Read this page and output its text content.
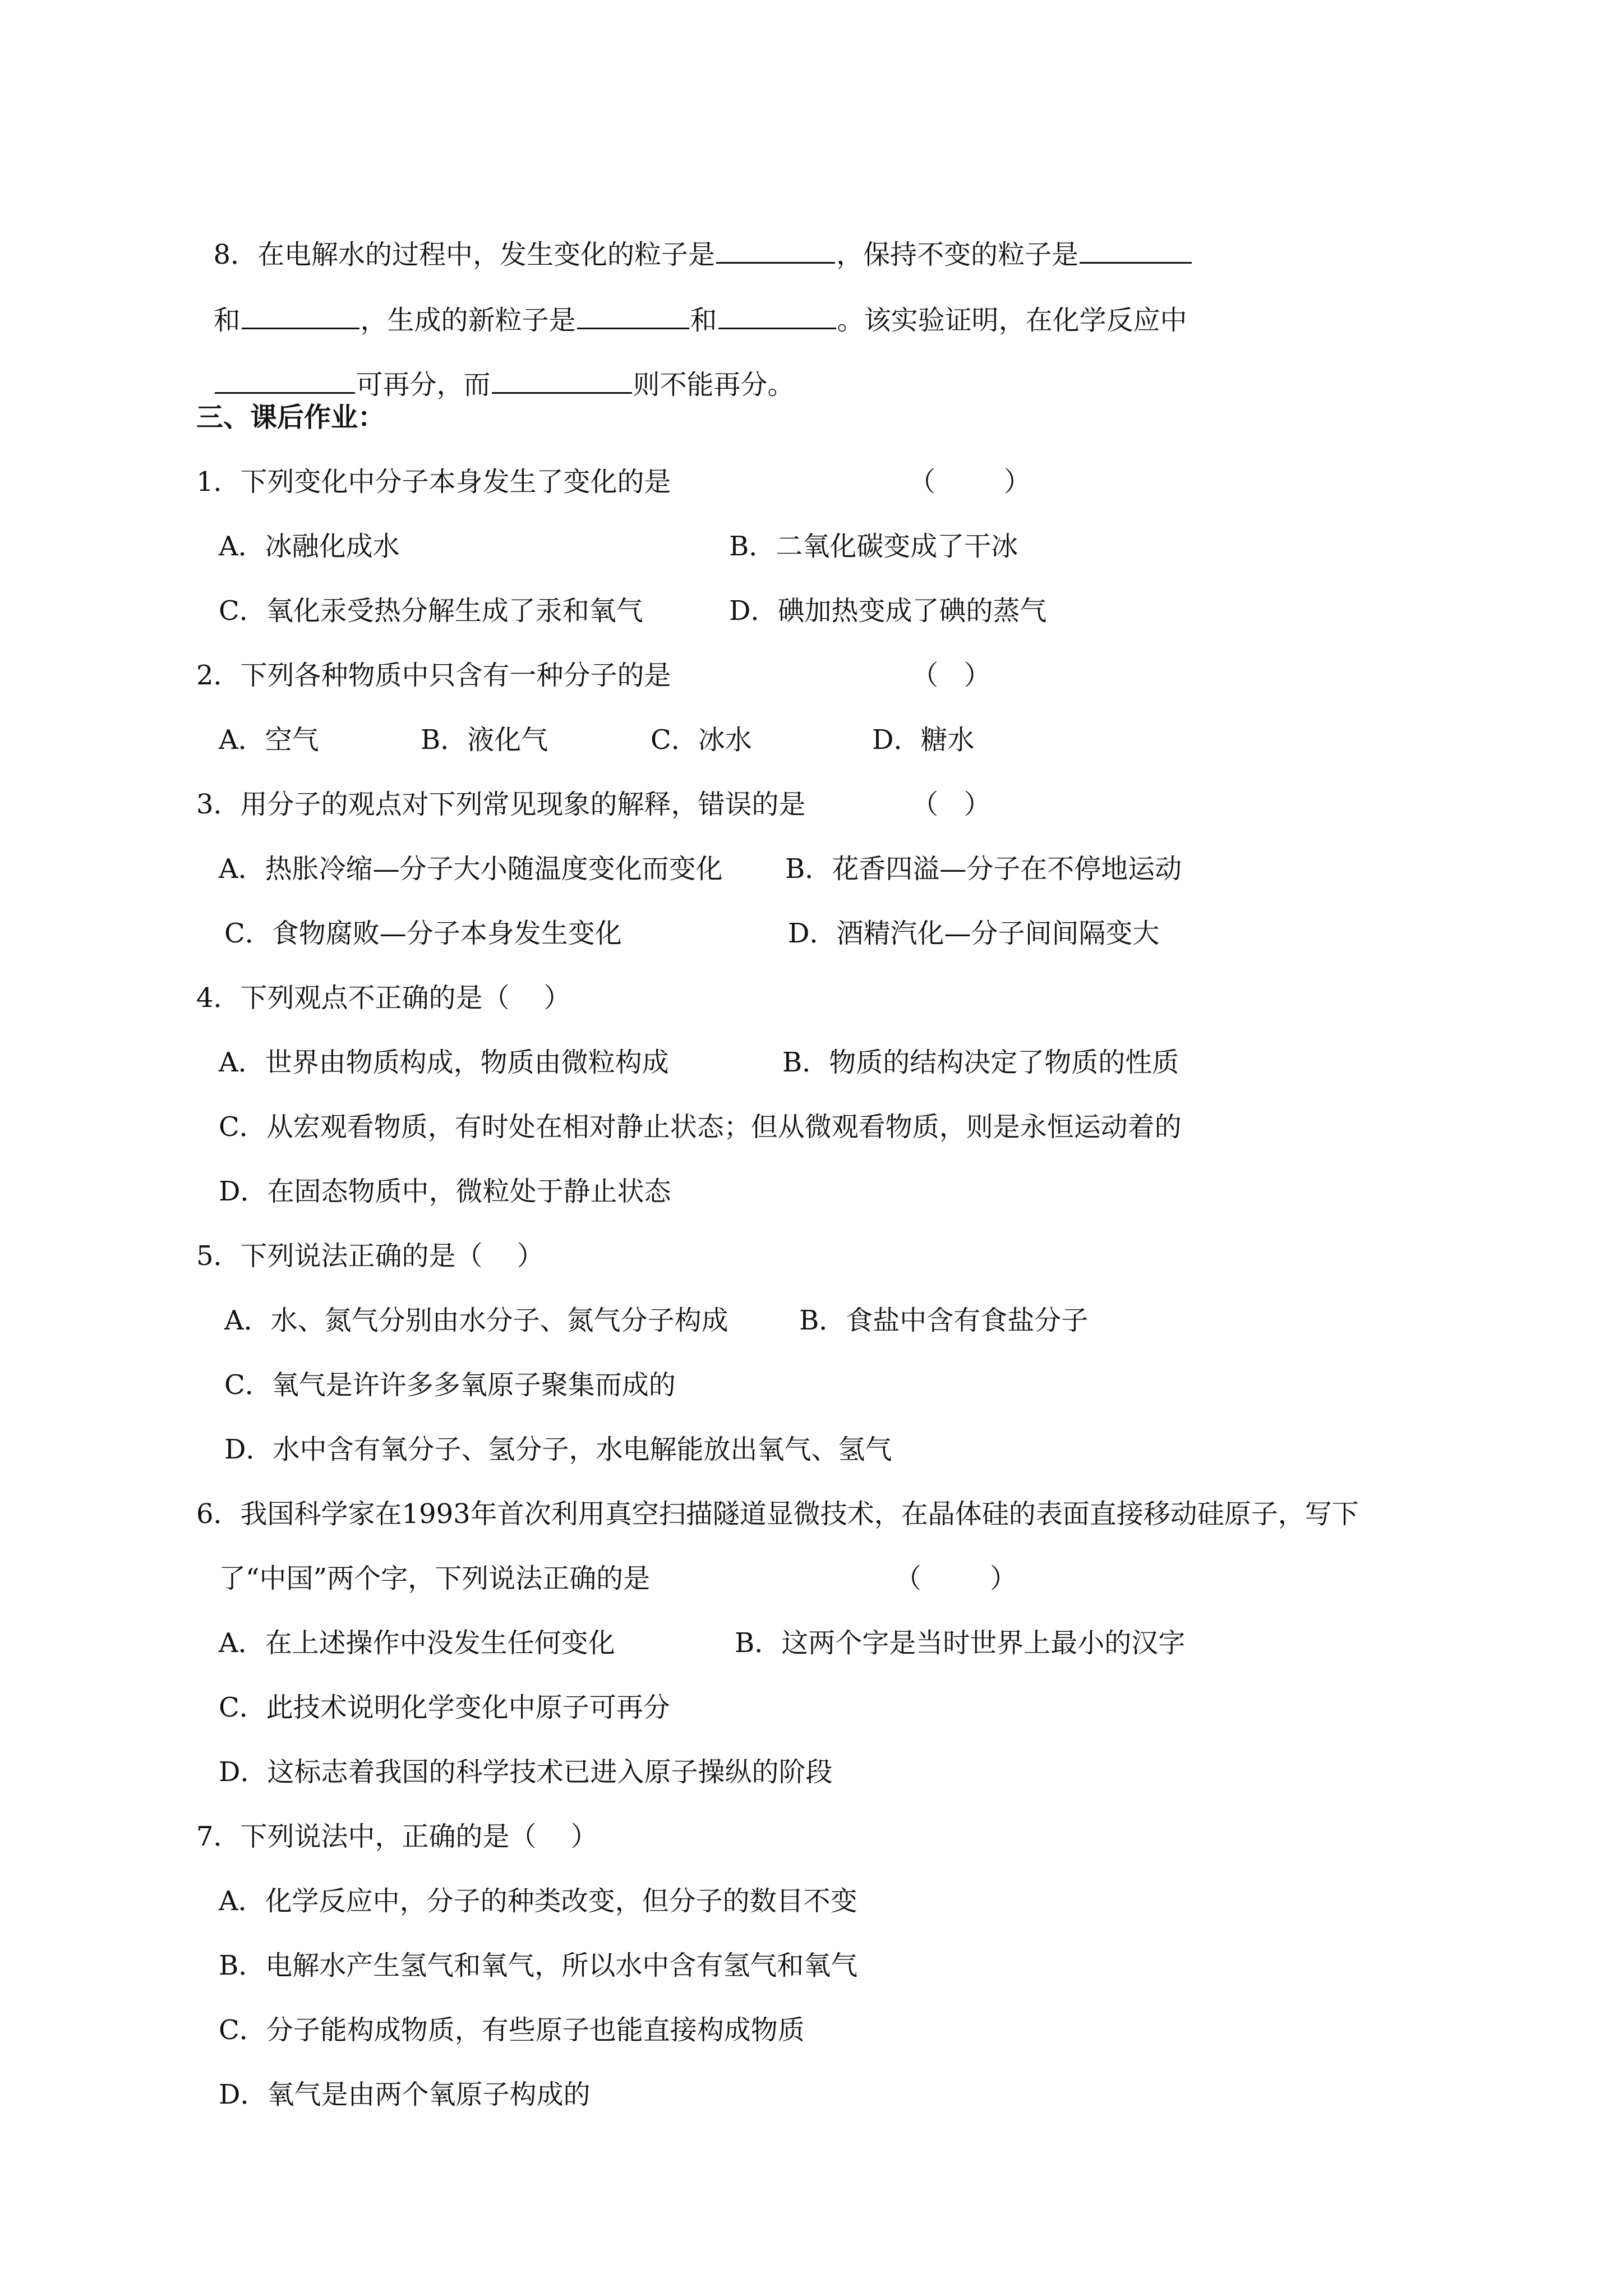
8．在电解水的过程中，发生变化的粒子是	，保持不变的粒子是

和	，生成的新粒子是	和	。该实验证明，在化学反应中

可再分，而	则不能再分。

三、课后作业：
1．下列变化中分子本身发生了变化的是	（        ）
A．冰融化成水	B．二氧化碳变成了干冰
C．氧化汞受热分解生成了汞和氧气	D．碘加热变成了碘的蒸气
2．下列各种物质中只含有一种分子的是	（   ）
A．空气	B．液化气	C．冰水	D．糖水
3．用分子的观点对下列常见现象的解释，错误的是	（   ）
A．热胀冷缩—分子大小随温度变化而变化 B．花香四溢—分子在不停地运动
C．食物腐败—分子本身发生变化	D．酒精汽化—分子间间隔变大
4．下列观点不正确的是（    ）
A．世界由物质构成，物质由微粒构成	B．物质的结构决定了物质的性质
C．从宏观看物质，有时处在相对静止状态；但从微观看物质，则是永恒运动着的
D．在固态物质中，微粒处于静止状态
5．下列说法正确的是（    ）
A．水、氮气分别由水分子、氮气分子构成	B．食盐中含有食盐分子
C．氧气是许许多多氧原子聚集而成的
D．水中含有氧分子、氢分子，水电解能放出氧气、氢气
6．我国科学家在1993年首次利用真空扫描隧道显微技术，在晶体硅的表面直接移动硅原子，写下
了“中国”两个字，下列说法正确的是	（        ）
A．在上述操作中没发生任何变化	B．这两个字是当时世界上最小的汉字
C．此技术说明化学变化中原子可再分
D．这标志着我国的科学技术已进入原子操纵的阶段
7．下列说法中，正确的是（    ）
A．化学反应中，分子的种类改变，但分子的数目不变
B．电解水产生氢气和氧气，所以水中含有氢气和氧气
C．分子能构成物质，有些原子也能直接构成物质
D．氧气是由两个氧原子构成的
